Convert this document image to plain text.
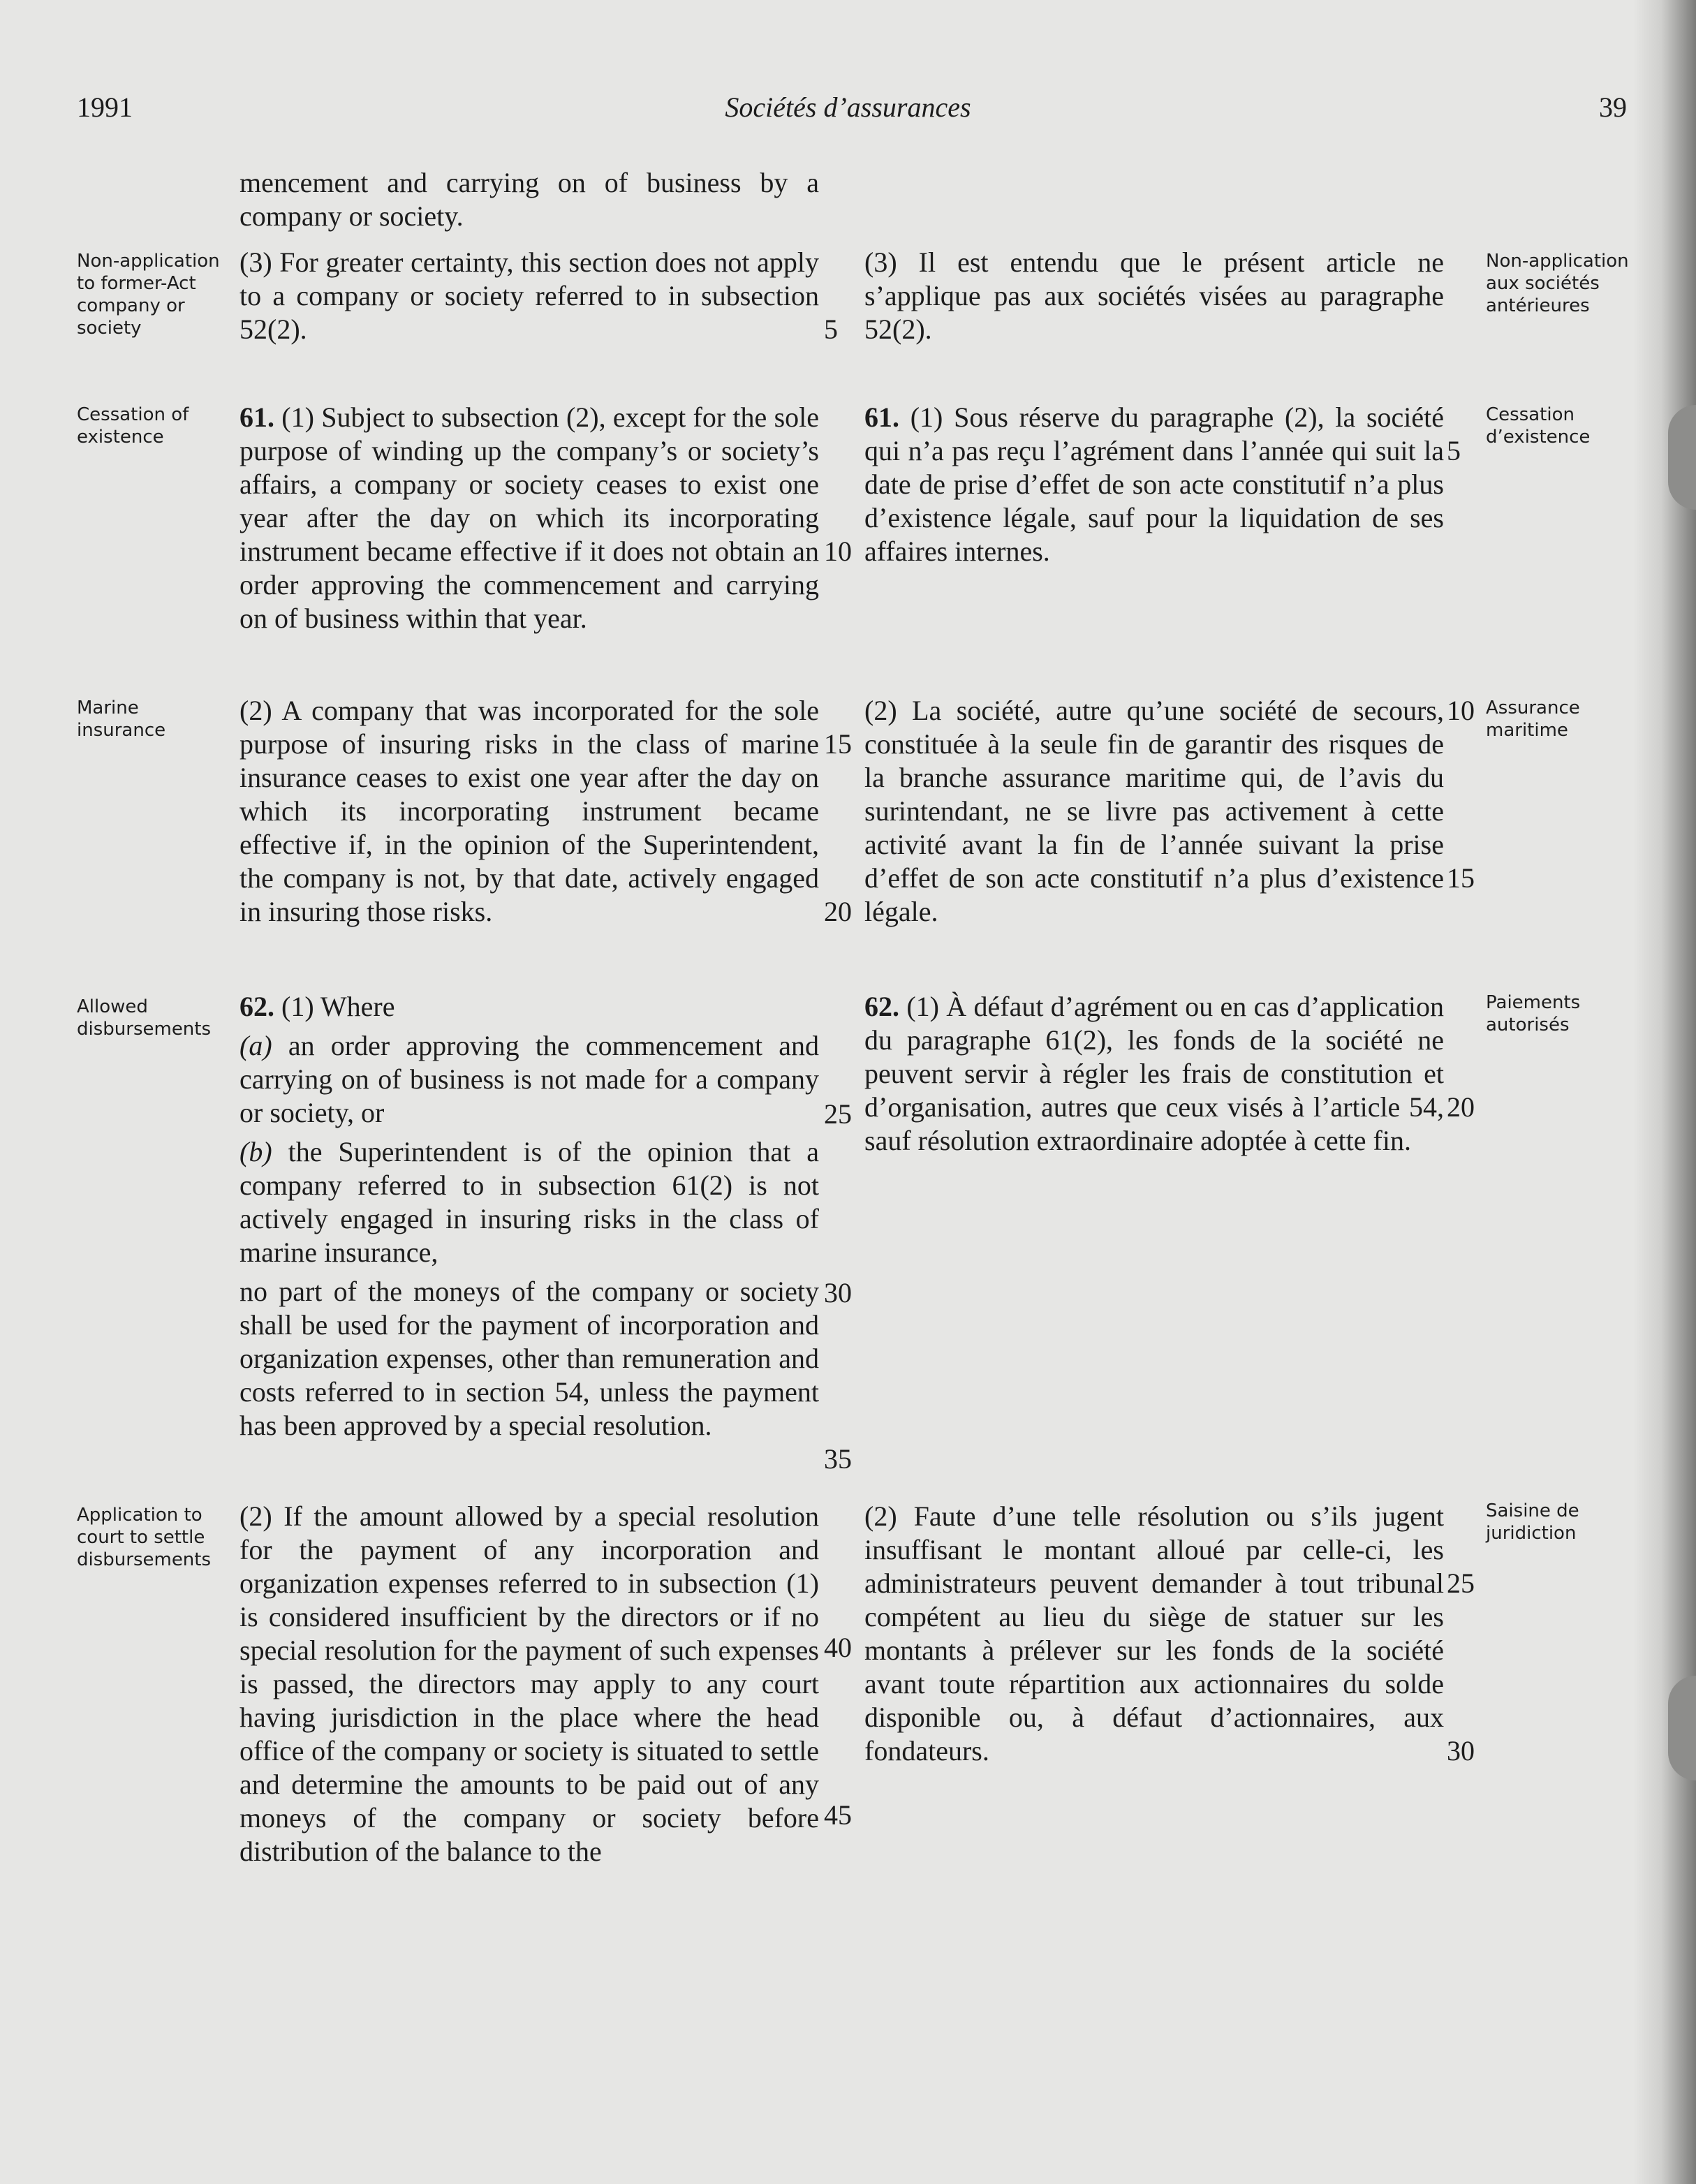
1991	Sociétés d’assurances	39
Non-application to former-Act company or society
Cessation of existence
Marine insurance
Allowed disbursements
Application to court to settle disbursements
Non-application aux sociétés antérieures
Cessation d’existence
Assurance maritime
Paiements autorisés
Saisine de juridiction

mencement and carrying on of business by a company or society.

(3) For greater certainty, this section does not apply to a company or society referred to in subsection 52(2).

61. (1) Subject to subsection (2), except for the sole purpose of winding up the company’s or society’s affairs, a company or society ceases to exist one year after the day on which its incorporating instrument became effective if it does not obtain an order approving the commencement and carrying on of business within that year.

(2) A company that was incorporated for the sole purpose of insuring risks in the class of marine insurance ceases to exist one year after the day on which its incorporating instrument became effective if, in the opinion of the Superintendent, the company is not, by that date, actively engaged in insuring those risks.

62. (1) Where

(a) an order approving the commencement and carrying on of business is not made for a company or society, or

(b) the Superintendent is of the opinion that a company referred to in subsection 61(2) is not actively engaged in insuring risks in the class of marine insurance,

no part of the moneys of the company or society shall be used for the payment of incorporation and organization expenses, other than remuneration and costs referred to in section 54, unless the payment has been approved by a special resolution.

(2) If the amount allowed by a special resolution for the payment of any incorporation and organization expenses referred to in subsection (1) is considered insufficient by the directors or if no special resolution for the payment of such expenses is passed, the directors may apply to any court having jurisdiction in the place where the head office of the company or society is situated to settle and determine the amounts to be paid out of any moneys of the company or society before distribution of the balance to the

(3) Il est entendu que le présent article ne s’applique pas aux sociétés visées au paragraphe 52(2).

61. (1) Sous réserve du paragraphe (2), la société qui n’a pas reçu l’agrément dans l’année qui suit la date de prise d’effet de son acte constitutif n’a plus d’existence légale, sauf pour la liquidation de ses affaires internes.

(2) La société, autre qu’une société de secours, constituée à la seule fin de garantir des risques de la branche assurance maritime qui, de l’avis du surintendant, ne se livre pas activement à cette activité avant la fin de l’année suivant la prise d’effet de son acte constitutif n’a plus d’existence légale.

62. (1) À défaut d’agrément ou en cas d’application du paragraphe 61(2), les fonds de la société ne peuvent servir à régler les frais de constitution et d’organisation, autres que ceux visés à l’article 54, sauf résolution extraordinaire adoptée à cette fin.

(2) Faute d’une telle résolution ou s’ils jugent insuffisant le montant alloué par celle-ci, les administrateurs peuvent demander à tout tribunal compétent au lieu du siège de statuer sur les montants à prélever sur les fonds de la société avant toute répartition aux actionnaires du solde disponible ou, à défaut d’actionnaires, aux fondateurs.

5
10
15
20
25
30
35
40
45
5
10
15
20
25
30
